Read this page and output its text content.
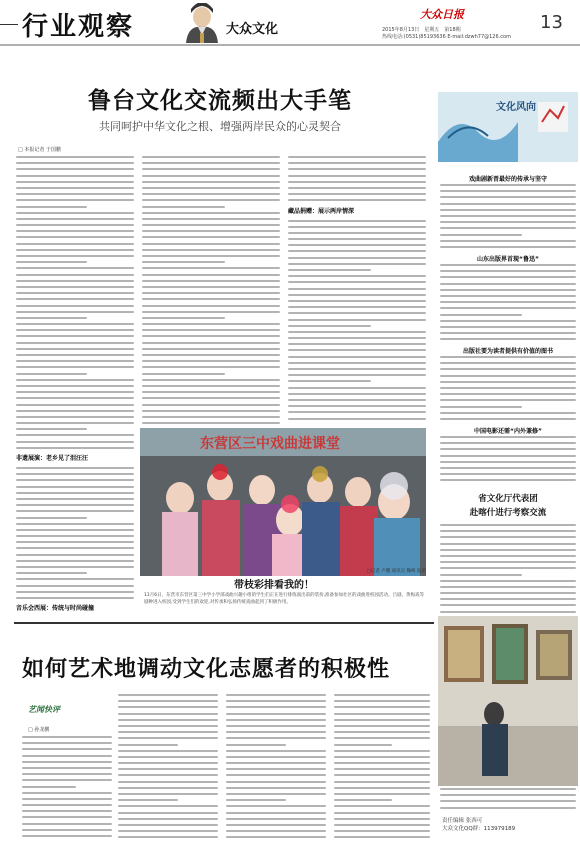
行业观察	大众文化
大众日报
2015年8月13日　星期五　第18期
热线电话:(0531)85193636 E-mail:dzwh77@126.com
13
鲁台文化交流频出大手笔
共同呵护中华文化之根、增强两岸民众的心灵契合
□ 本报记者 于国鹏
非遗展演：老乡见了泪汪汪
音乐会西展：传统与时尚碰撞
藏品捐赠：展示两岸情深
东营区三中戏曲进课堂
□记者 卢鹏 通讯员 鞠峰 报道
带枝彩排看我的！
11月6日，东营市东营区第三中学小学部戏曲兴趣小组的学生们正在进行排练演出前的装扮,准备参加社区的戏曲进校园活动。吕剧、黄梅戏等剧种进入校园,受到学生们的欢迎,对传承和弘扬传统戏曲起到了积极作用。
如何艺术地调动文化志愿者的积极性
艺闻快评
□ 孙龙鹏
文化风向
戏曲剧新晋最好的传承与坚守
山东出版界首现“鲁迅”
出版社要为读者提供有价值的图书
中国电影还需“内外兼修”
省文化厅代表团
赴喀什进行考察交流
责任编辑 张西可
大众文化QQ群：113979189
